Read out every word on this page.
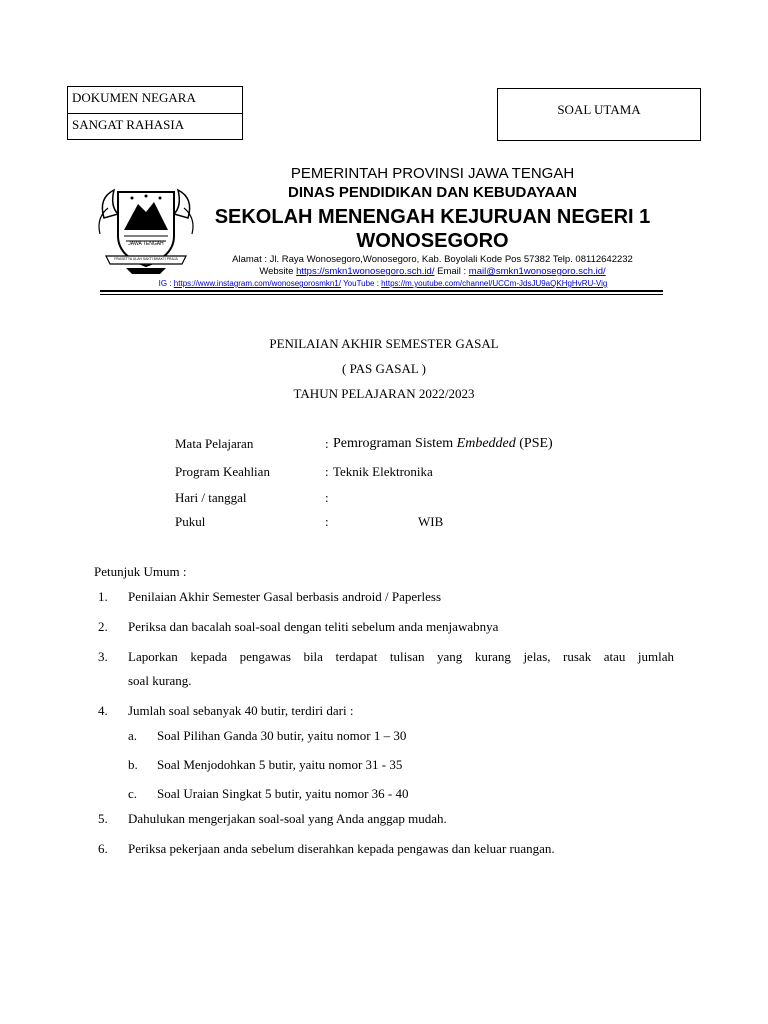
DOKUMEN NEGARA
SANGAT RAHASIA
SOAL UTAMA
JAWA TENGAH
PRASETYA ULAH SAKTI BHAKTI PRAJA
PEMERINTAH PROVINSI JAWA TENGAH
DINAS PENDIDIKAN DAN KEBUDAYAAN
SEKOLAH MENENGAH KEJURUAN NEGERI 1
WONOSEGORO
Alamat : Jl. Raya Wonosegoro,Wonosegoro, Kab. Boyolali Kode Pos 57382 Telp. 08112642232
Website https://smkn1wonosegoro.sch.id/ Email : mail@smkn1wonosegoro.sch.id/
IG : https://www.instagram.com/wonosegorosmkn1/ YouTube : https://m.youtube.com/channel/UCCm-JdsJU9aQKHgHvRU-Vig
PENILAIAN AKHIR SEMESTER GASAL
( PAS GASAL )
TAHUN PELAJARAN 2022/2023
Mata Pelajaran	: Pemrograman Sistem Embedded (PSE)
Program Keahlian	: Teknik Elektronika
Hari / tanggal	:
Pukul	:	WIB
Petunjuk Umum :
1. Penilaian Akhir Semester Gasal berbasis android / Paperless
2. Periksa dan bacalah soal-soal dengan teliti sebelum anda menjawabnya
3. Laporkan kepada pengawas bila terdapat tulisan yang kurang jelas, rusak atau jumlah
soal kurang.
4. Jumlah soal sebanyak 40 butir, terdiri dari :
a. Soal Pilihan Ganda 30 butir, yaitu nomor 1 – 30
b. Soal Menjodohkan 5 butir, yaitu nomor 31 - 35
c. Soal Uraian Singkat 5 butir, yaitu nomor 36 - 40
5. Dahulukan mengerjakan soal-soal yang Anda anggap mudah.
6. Periksa pekerjaan anda sebelum diserahkan kepada pengawas dan keluar ruangan.
